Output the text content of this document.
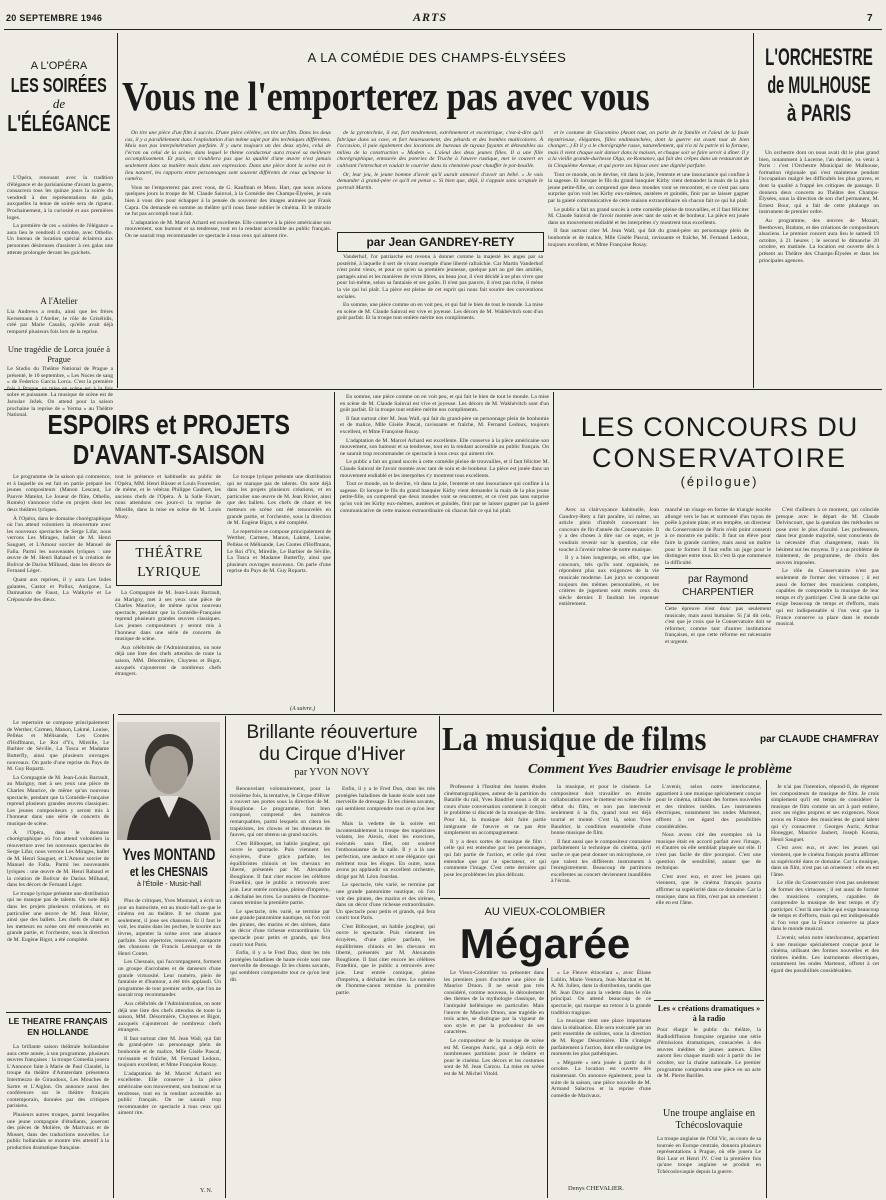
20 SEPTEMBRE 1946	ARTS	7
A L'OPÉRA
LES SOIRÉES
de
L'ÉLÉGANCE

L'Opéra, renouant avec la tradition d'élégance et de parisianisme d'avant la guerre, consacrera tous les quinze jours la soirée du vendredi à des représentations de gala, auxquelles la tenue de soirée sera de rigueur. Prochainement, à la curiosité et aux premières loges.

La première de ces « soirées de l'élégance » aura lieu le vendredi 4 octobre, avec Othello. Un bureau de location spécial éclairera aux personnes désireuses d'assister à ces galas une attente prolongée devant les guichets.

A l'Atelier
Lia Andrews a rendu, ainsi que les frères Kersemann à l'Atelier, le rôle de Grisélidis, créé par Marie Casalis, qu'elle avait déjà remporté plusieurs fois lors de la reprise.
Une tragédie de Lorca jouée à Prague
Le Studio du Théâtre National de Prague a présenté, le 10 septembre, « Les Noces de sang » de Federico Garcia Lorca. C'est la première sobre et puissante. La musique de scène est de Jaroslav Ježek. On attend pour la saison prochaine la reprise de « Yerma » au Théâtre National.
A LA COMÉDIE DES CHAMPS-ÉLYSÉES
Vous ne l'emporterez pas avec vous

On tire une pièce d'un film à succès. D'une pièce célèbre, on tire un film. Dans les deux cas, il y a parallèlement dans l'exploitation d'un même sujet par des techniques différentes. Mais non pas interpénétration parfaite. Il y aura toujours un des deux styles, celui de l'écran ou celui de la scène, dans lequel le thème conducteur aura trouvé sa meilleure accomplissement. Et puis, on n'oubliera pas que la qualité d'une œuvre n'est jamais seulement dans sa matière mais dans son expression. Dans une pièce dont la scène est le lieu naturel, les rapports entre personnages sont souvent différents de ceux qu'impose la caméra.

Vous ne l'emporterez pas avec vous, de G. Kaufman et Moss. Hart, que nous avions quelques jours la troupe de M. Claude Sainval, à la Comédie des Champs-Élysées, je suis bien à vous dire pour échapper à la pensée du souvenir des images animées par Frank Capra. On demande en somme au théâtre qu'il nous fasse oublier le cinéma. Et le miracle ne fut pas accompli tout à fait.

L'adaptation de M. Marcel Achard est excellente. Elle conserve à la pièce américaine son mouvement, son humour et sa tendresse, tout en la rendant accessible au public français. On ne saurait trop recommander ce spectacle à tous ceux qui aiment rire.

de la pyrotechnie, il est, fort tendrement, extrêmement et excentrique, c'est-à-dire qu'il fabrique dans sa cave, et fort heureusement, des pétards et des bombes multicolores. À l'occasion, il paie également des locations de bureaux de tuyaux fuyants et détestables au milieu de la construction « Modem ». L'aïeul des deux jeunes filles. Il a une fille chorégraphique, entourée des poteries de Truche à l'œuvre rustique, met le couvert en cultivant l'entrechat et voulait le courrier dans la cheminée pour chauffer le pot-bouille.

Or, leur jeu, le jeune homme d'avoir qu'il aurait annoncé d'avoir un bébé. « Je vais demander à grand-père ce qu'il en pense ». Si bien que, déjà, il s'appuie sans scrupule le portrait Martin.

par Jean GANDREY-RETY

Vanderhof, l'or patriarche est revenu à donner comme la majesté les anges par sa postérité, à laquelle il sert de vivant exemple d'une liberté rafraîchie. Car Martin Vanderhof n'est point vieux, et pour ce qu'en sa première jeunesse, quelque part au gré des amitiés, partagés ainsi et les manières de vivre libres, un beau jour, il s'est décidé à ne plus vivre que pour lui-même, selon sa fantaisie et ses goûts. Il n'est pas pauvre, il n'est pas riche, il mène la vie qui lui plaît. La pièce est pleine de cet esprit qui nous fait sourire des conventions sociales.

En somme, une pièce comme on en voit peu, et qui fait le bien de tout le monde. La mise en scène de M. Claude Sainval est vive et joyeuse. Les décors de M. Wakhévitch sont d'un goût parfait. Et la troupe tout entière mérite nos compliments.

et le costume de Giacomino (Avant tout, on parle de la famille et l'aïeul de la foule mystérieuse, élégantes, filles endimanchées, dont la guerre est avant tout de bien changer...) Et il y a le chorégraphe russe, naturellement, qui n'a ni la patrie ni la fortune, mais il vient chaque soir danser dans la maison, et chaque soir se faire servir à dîner. Il y a la vieille grande-duchesse Olga, ex-Romanov, qui fait des crêpes dans un restaurant de la Cinquième Avenue, et qui porte ses bijoux avec une dignité parfaite.

Tout ce monde, on le devine, vit dans la joie, l'entente et une insouciance qui confine à la sagesse. Et lorsque le fils du grand banquier Kirby vient demander la main de la plus jeune petite-fille, on comprend que deux mondes vont se rencontrer, et ce n'est pas sans surprise qu'on voit les Kirby eux-mêmes, austères et guindés, finir par se laisser gagner par la gaieté communicative de cette maison extraordinaire où chacun fait ce qui lui plaît.

Le public a fait un grand succès à cette comédie pleine de trouvailles, et il faut féliciter M. Claude Sainval de l'avoir montée avec tant de soin et de bonheur. La pièce est jouée dans un mouvement endiablé et les interprètes s'y montrent tous excellents.

Il faut surtout citer M. Jean Wall, qui fait du grand-père un personnage plein de bonhomie et de malice, Mlle Gisèle Pascal, ravissante et fraîche, M. Fernand Ledoux, toujours excellent, et Mme Françoise Rosay.

L'ORCHESTRE
de MULHOUSE
à PARIS

Un orchestre dont on nous avait dit le plus grand bien, notamment à Lucerne, l'an dernier, va venir à Paris : c'est l'Orchestre Municipal de Mulhouse, formation régionale qui s'est maintenue pendant l'occupation malgré les difficultés les plus graves, et dont la qualité a frappé les critiques de passage. Il donnera deux concerts au Théâtre des Champs-Élysées, sous la direction de son chef permanent, M. Ernest Bour, qui a fait de cette phalange un instrument de premier ordre.

Au programme, des œuvres de Mozart, Beethoven, Brahms, et des créations de compositeurs alsaciens. Le premier concert aura lieu le samedi 19 octobre, à 21 heures ; le second le dimanche 20 octobre, en matinée. La location est ouverte dès à présent au Théâtre des Champs-Élysées et dans les principales agences.

ESPOIRS et PROJETS
D'AVANT-SAISON

Le programme de la saison qui commence, et à laquelle on est fait en partie préparé les jeunes compositeurs (Manon Lescaut, Le Pauvre Matelot, Le Joueur de flûte, Othello, Roméo) s'annonce riche en projets dont les deux théâtres lyriques.

À l'Opéra, dans le domaine chorégraphique où l'on attend volontiers la réouverture avec les nouveaux spectacles de Serge Lifar, nous verrons Les Mirages, ballet de M. Henri Sauguet, et L'Amour sorcier de Manuel de Falla. Parmi les nouveautés lyriques : une œuvre de M. Henri Rabaud et la création de Bolivar de Darius Milhaud, dans les décors de Fernand Léger.

Quant aux reprises, il y aura Les Indes galantes, Castor et Pollux, Antigone, La Damnation de Faust, La Walkyrie et Le Crépuscule des dieux.

tout le présence et habituelle au public de l'Opéra, MM. Henri Büsser et Louis Fourestier, de même, et le vétéran Philippe Gaubert, les anciens chefs de l'Opéra. À la Salle Favart, nous attendons ces jours-ci la reprise de Mireille, dans la mise en scène de M. Louis Musy.
THÉÂTRE LYRIQUE

La Compagnie de M. Jean-Louis Barrault, au Marigny, met à ses yeux une pièce de Charles Maurice, de même qu'un nouveau spectacle, pendant que la Comédie-Française reprend plusieurs grandes œuvres classiques. Les jeunes compositeurs y seront mis à l'honneur dans une série de concerts de musique de scène.

Aux célébrités de l'Administration, on note déjà une liste des chefs attendus de toute la saison, MM. Désormière, Cluytens et Bigot, auxquels s'ajouteront de nombreux chefs étrangers.

Le troupe lyrique présente une distribution qui ne manque pas de talents. On note déjà dans les projets plusieurs créations, et en particulier une œuvre de M. Jean Rivier, ainsi que des ballets. Les chefs de chant et les metteurs en scène ont été renouvelés en grande partie, et l'orchestre, sous la direction de M. Eugène Bigot, a été complété.

Le repertoire se compose principalement de Werther, Carmen, Manon, Lakmé, Louise, Pelléas et Mélisande, Les Contes d'Hoffmann, Le Roi d'Ys, Mireille, Le Barbier de Séville, La Tosca et Madame Butterfly, ainsi que plusieurs ouvrages nouveaux. On parle d'une reprise du Pays de M. Guy Ropartz.

(A suivre.)

En somme, une pièce comme on en voit peu, et qui fait le bien de tout le monde. La mise en scène de M. Claude Sainval est vive et joyeuse. Les décors de M. Wakhévitch sont d'un goût parfait. Et la troupe tout entière mérite nos compliments.

Il faut surtout citer M. Jean Wall, qui fait du grand-père un personnage plein de bonhomie et de malice, Mlle Gisèle Pascal, ravissante et fraîche, M. Fernand Ledoux, toujours excellent, et Mme Françoise Rosay.

L'adaptation de M. Marcel Achard est excellente. Elle conserve à la pièce américaine son mouvement, son humour et sa tendresse, tout en la rendant accessible au public français. On ne saurait trop recommander ce spectacle à tous ceux qui aiment rire.

Le public a fait un grand succès à cette comédie pleine de trouvailles, et il faut féliciter M. Claude Sainval de l'avoir montée avec tant de soin et de bonheur. La pièce est jouée dans un mouvement endiablé et les interprètes s'y montrent tous excellents.

Tout ce monde, on le devine, vit dans la joie, l'entente et une insouciance qui confine à la sagesse. Et lorsque le fils du grand banquier Kirby vient demander la main de la plus jeune petite-fille, on comprend que deux mondes vont se rencontrer, et ce n'est pas sans surprise qu'on voit les Kirby eux-mêmes, austères et guindés, finir par se laisser gagner par la gaieté communicative de cette maison extraordinaire où chacun fait ce qui lui plaît.

LES CONCOURS DU
CONSERVATOIRE
(épilogue)

Avec sa clairvoyance habituelle, Jean Gandrey-Rety a fait paraître, ici même, un article plein d'intérêt concernant les concours de fin d'année du Conservatoire. Il y a des choses à dire sur ce sujet, et je voudrais revenir sur la question, car elle touche à l'avenir même de notre musique.

Il y a bien longtemps, en effet, que les concours, tels qu'ils sont organisés, ne répondent plus aux exigences de la vie musicale moderne. Les jurys se composent toujours des mêmes personnalités, et les critères de jugement sont restés ceux du siècle dernier. Il faudrait les repenser entièrement.

manché un visage en forme de triangle isocèle allongé vers le bas et surmonté d'un tuyau de poêle à pointe plate, et en tempête, un directeur du Conservatoire de Paris n'eût point consenti à ce monstre en public. Il faut un élève pour faire la grande carrière, mais aussi un maître pour le former. Il faut enfin un juge pour le distinguer entre tous. Et c'est là que commence la difficulté.
par Raymond CHARPENTIER
Cette épreuve n'est donc pas seulement musicale, mais aussi humaine. Si j'ai dit cela, c'est que je crois que le Conservatoire doit se réformer, comme tant d'autres institutions françaises, et que cette réforme est nécessaire et urgente.

C'est d'ailleurs à ce moment, qui coïncide presque avec le départ de M. Claude Delvincourt, que la question des méthodes se pose avec le plus d'acuité. Les professeurs, dans leur grande majorité, sont conscients de la nécessité d'un changement, mais ils hésitent sur les moyens. Il y a un problème de traitement, de programme, de choix des œuvres imposées.

Le rôle du Conservatoire n'est pas seulement de former des virtuoses ; il est aussi de former des musiciens complets, capables de comprendre la musique de leur temps et d'y participer. C'est là une tâche qui exige beaucoup de temps et d'efforts, mais qui est indispensable si l'on veut que la France conserve sa place dans le monde musical.

Yves MONTAND
et les CHESNAIS
à l'Étoile - Music-hall

Plus de critiques, Yves Montand, a écrit un jour un humoriste, est au music-hall ce que le cinéma est au théâtre. Il ne chante pas seulement, il joue ses chansons. Et il faut le voir, les mains dans les poches, le sourire aux lèvres, arpenter la scène avec une aisance parfaite. Son répertoire, renouvelé, comporte des chansons de Francis Lemarque et de Henri Contet.

Les Chesnais, qui l'accompagnent, forment un groupe d'acrobates et de danseurs d'une grande virtuosité. Leur numéro, plein de fantaisie et d'humour, a été très applaudi. Un programme de tout premier ordre, que l'on ne saurait trop recommander.

Aux célébrités de l'Administration, on note déjà une liste des chefs attendus de toute la saison, MM. Désormière, Cluytens et Bigot, auxquels s'ajouteront de nombreux chefs étrangers.

Il faut surtout citer M. Jean Wall, qui fait du grand-père un personnage plein de bonhomie et de malice, Mlle Gisèle Pascal, ravissante et fraîche, M. Fernand Ledoux, toujours excellent, et Mme Françoise Rosay.

L'adaptation de M. Marcel Achard est excellente. Elle conserve à la pièce américaine son mouvement, son humour et sa tendresse, tout en la rendant accessible au public français. On ne saurait trop recommander ce spectacle à tous ceux qui aiment rire.

Y. N.

Le repertoire se compose principalement de Werther, Carmen, Manon, Lakmé, Louise, Pelléas et Mélisande, Les Contes d'Hoffmann, Le Roi d'Ys, Mireille, Le Barbier de Séville, La Tosca et Madame Butterfly, ainsi que plusieurs ouvrages nouveaux. On parle d'une reprise du Pays de M. Guy Ropartz.

La Compagnie de M. Jean-Louis Barrault, au Marigny, met à ses yeux une pièce de Charles Maurice, de même qu'un nouveau spectacle, pendant que la Comédie-Française reprend plusieurs grandes œuvres classiques. Les jeunes compositeurs y seront mis à l'honneur dans une série de concerts de musique de scène.

À l'Opéra, dans le domaine chorégraphique où l'on attend volontiers la réouverture avec les nouveaux spectacles de Serge Lifar, nous verrons Les Mirages, ballet de M. Henri Sauguet, et L'Amour sorcier de Manuel de Falla. Parmi les nouveautés lyriques : une œuvre de M. Henri Rabaud et la création de Bolivar de Darius Milhaud, dans les décors de Fernand Léger.

Le troupe lyrique présente une distribution qui ne manque pas de talents. On note déjà dans les projets plusieurs créations, et en particulier une œuvre de M. Jean Rivier, ainsi que des ballets. Les chefs de chant et les metteurs en scène ont été renouvelés en grande partie, et l'orchestre, sous la direction de M. Eugène Bigot, a été complété.

LE THEATRE FRANÇAIS
EN HOLLANDE

La brillante saison théâtrale hollandaise aura cette année, à son programme, plusieurs œuvres françaises : la troupe Comedia jouera L'Annonce faite à Marie de Paul Claudel, la troupe du théâtre d'Amsterdam présentera Intermezzo de Giraudoux, Les Mouches de Sartre et L'Aiglon. On annonce aussi des conférences sur le théâtre français contemporain, données par des critiques parisiens.

Plusieurs autres troupes, parmi lesquelles une jeune compagnie d'étudiants, joueront des pièces de Molière, de Marivaux et de Musset, dans des traductions nouvelles. Le public hollandais se montre très attentif à la production dramatique française.

Brillante réouverture
du Cirque d'Hiver
par YVON NOVY

Renouvelant volontairement, pour la troisième fois, la tentative, le Cirque d'Hiver a rouvert ses portes sous la direction de M. Bouglione. Le programme, fort bien composé, comprend des numéros remarquables, parmi lesquels on citera les trapézistes, les clowns et les dresseurs de fauves, qui ont obtenu un grand succès.

C'est Bilboquet, un habile jongleur, qui ouvre le spectacle. Puis viennent les écuyères, d'une grâce parfaite, les équilibristes chinois et les chevaux en liberté, présentés par M. Alexandre Bouglione. Il faut citer encore les célèbres Fratellini, que le public a retrouvés avec joie. Leur entrée comique, pleine d'imprévu, a déchaîné les rires. Le numéro de l'homme-canon termine la première partie.

Le spectacle, très varié, se termine par une grande pantomime nautique, où l'on voit des pirates, des marins et des sirènes, dans un décor d'une richesse extraordinaire. Un spectacle pour petits et grands, qui fera courir tout Paris.

Enfin, il y a le Fred Duo, dont les très protégées baladines de haute école sont une merveille de dressage. Et les chiens savants, qui semblent comprendre tout ce qu'on leur dit.

Enfin, il y a le Fred Duo, dont les très protégées baladines de haute école sont une merveille de dressage. Et les chiens savants, qui semblent comprendre tout ce qu'on leur dit.

Mais la vedette de la soirée est incontestablement la troupe des trapézistes volants, les Alexis, dont les exercices, exécutés sans filet, ont soulevé l'enthousiasme de la salle. Il y a là une perfection, une audace et une élégance qui méritent tous les éloges. En outre, nous avons pu applaudir un excellent orchestre, dirigé par M. Léon Jourdan.

Le spectacle, très varié, se termine par une grande pantomime nautique, où l'on voit des pirates, des marins et des sirènes, dans un décor d'une richesse extraordinaire. Un spectacle pour petits et grands, qui fera courir tout Paris.

C'est Bilboquet, un habile jongleur, qui ouvre le spectacle. Puis viennent les écuyères, d'une grâce parfaite, les équilibristes chinois et les chevaux en liberté, présentés par M. Alexandre Bouglione. Il faut citer encore les célèbres Fratellini, que le public a retrouvés avec joie. Leur entrée comique, pleine d'imprévu, a déchaîné les rires. Le numéro de l'homme-canon termine la première partie.

La musique de films	par CLAUDE CHAMFRAY
Comment Yves Baudrier envisage le problème

Professeur à l'Institut des hautes études cinématographiques, auteur de la partition du Bataille du rail, Yves Baudrier nous a dit au cours d'une conversation comment il conçoit le problème si discuté de la musique de film. Pour lui, la musique doit faire partie intégrante de l'œuvre et ne pas être simplement un accompagnement.

Il y a deux sortes de musique de film : celle qui est entendue par les personnages, qui fait partie de l'action, et celle qui n'est entendue que par le spectateur, et qui commente l'image. C'est cette dernière qui pose les problèmes les plus délicats.

la musique, et pour le cinéaste. Le compositeur doit travailler en étroite collaboration avec le metteur en scène dès le début du film, et non pas intervenir seulement à la fin, quand tout est déjà tourné et monté. C'est là, selon Yves Baudrier, la condition essentielle d'une bonne musique de film.

Il faut aussi que le compositeur connaisse parfaitement la technique du cinéma, qu'il sache ce que peut donner un microphone, ce que valent les différents instruments à l'enregistrement. Beaucoup de partitions excellentes au concert deviennent inaudibles à l'écran.

L'avenir, selon notre interlocuteur, appartient à une musique spécialement conçue pour le cinéma, utilisant des formes nouvelles et des timbres inédits. Les instruments électriques, notamment les ondes Martenot, offrent à cet égard des possibilités considérables.

Nous avons cité des exemples où la musique était en accord parfait avec l'image, et d'autres où elle semblait plaquée sur elle. Il n'est pas facile de dire pourquoi. C'est une question de sensibilité, autant que de technique.

C'est avec eux, et avec les jeunes qui viennent, que le cinéma français pourra affirmer sa supériorité dans ce domaine. Car la musique, dans un film, n'est pas un ornement : elle en est l'âme.

Je n'ai pas l'intention, répond-il, de régenter les compositeurs de musique de film. Je crois simplement qu'il est temps de considérer la musique de film comme un art à part entière, avec ses règles propres et ses exigences. Nous avons en France des musiciens de grand talent qui s'y consacrent : Georges Auric, Arthur Honegger, Maurice Jaubert, Joseph Kosma, Henri Sauguet.

C'est avec eux, et avec les jeunes qui viennent, que le cinéma français pourra affirmer sa supériorité dans ce domaine. Car la musique, dans un film, n'est pas un ornement : elle en est l'âme.

Le rôle du Conservatoire n'est pas seulement de former des virtuoses ; il est aussi de former des musiciens complets, capables de comprendre la musique de leur temps et d'y participer. C'est là une tâche qui exige beaucoup de temps et d'efforts, mais qui est indispensable si l'on veut que la France conserve sa place dans le monde musical.

L'avenir, selon notre interlocuteur, appartient à une musique spécialement conçue pour le cinéma, utilisant des formes nouvelles et des timbres inédits. Les instruments électriques, notamment les ondes Martenot, offrent à cet égard des possibilités considérables.

AU VIEUX-COLOMBIER
Mégarée

Le Vieux-Colombier va présenter dans les premiers jours d'octobre une pièce de Maurice Druon. Il ne serait pas très considéré, comme nouveau, le déroulement des thèmes de la mythologie classique, de l'antiquité hellénique en particulier. Mais l'œuvre de Maurice Druon, une tragédie en trois actes, se distingue par la vigueur de son style et par la profondeur de ses caractères.

Le compositeur de la musique de scène est M. Georges Auric, qui a déjà écrit de nombreuses partitions pour le théâtre et pour le cinéma. Les décors et les costumes sont de M. Jean Carzou. La mise en scène est de M. Michel Vitold.

« Le Fleuve étincelant », avec Éliane Lublin, Marie Ventura, Jean Marchat et M. A. M. Julien, dans la distribution, tandis que M. Jean Davy aura la vedette dans le rôle principal. On attend beaucoup de ce spectacle, qui marque un retour à la grande tradition tragique.

La musique tient une place importante dans la réalisation. Elle sera exécutée par un petit ensemble de solistes, sous la direction de M. Roger Désormière. Elle s'intègre parfaitement à l'action, dont elle souligne les moments les plus pathétiques.

« Mégarée » sera jouée à partir du 8 octobre. La location est ouverte dès maintenant. On annonce également, pour la suite de la saison, une pièce nouvelle de M. Armand Salacrou et la reprise d'une comédie de Marivaux.

Denys CHEVALIER.
Les « créations dramatiques » à la radio
Pour élargir le public du théâtre, la Radiodiffusion française organise une série d'émissions dramatiques, consacrées à des œuvres inédites de jeunes auteurs. Elles auront lieu chaque mardi soir à partir du 1er octobre, sur la chaîne nationale. Le premier programme comprendra une pièce en un acte de M. Pierre Barillet.
Une troupe anglaise en Tchécoslovaquie
La troupe anglaise de l'Old Vic, au cours de sa tournée en Europe centrale, donnera plusieurs représentations à Prague, où elle jouera Le Roi Lear et Henri IV. C'est la première fois qu'une troupe anglaise se produit en Tchécoslovaquie depuis la guerre.
